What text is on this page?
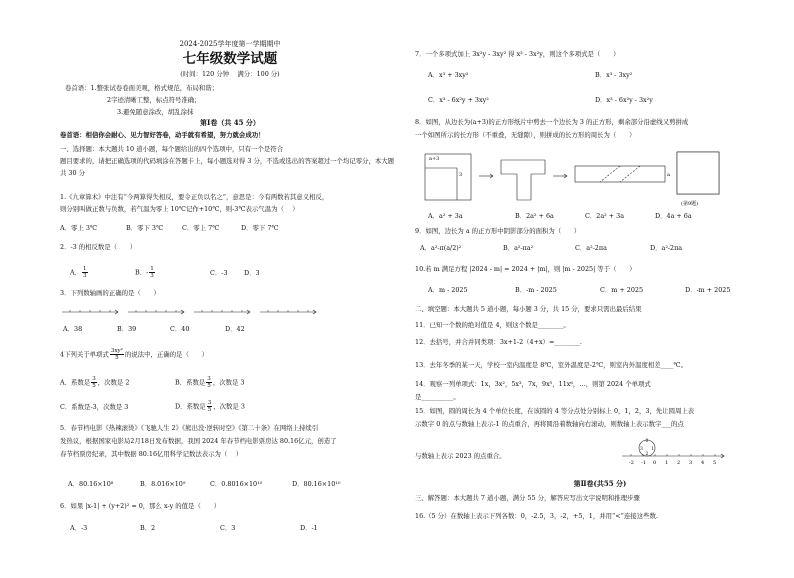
2024-2025学年度第一学期期中
七年级数学试题
(时间：120 分钟　 满分：100 分)
卷首语：1.整张试卷卷面美观，格式规范，布局和谐；
2字迹清晰工整，标点符号准确；
3.避免随意涂改，胡乱涂抹
第Ⅰ卷（共 45 分）
卷首语：相信你会耐心、见力智好答卷，动手就有希望，努力就会成功！
一、选择题：本大题共 10 道小题，每个题给出的四个选项中，只有一个是符合
题目要求的，请把正确选项的代码填涂在答题卡上，每小题选对得 3 分，不选或选出的答案超过一个均记零分，本大题
共 30 分
1.《九章算术》中注有“今两算得失相反，要令正负以名之”，意思是：今有两数若其意义相反，
则分别叫做正数与负数，若气温为零上 10℃记作+10℃，则-3℃表示气温为（　 ）
A．零上 3℃	B．零下 3℃	C．零上 7℃	D．零下 7℃
2．-3 的相反数是（　　）
A． $\frac{1}{3}$	B．- $\frac{1}{3}$	C．-3	D．3
3．下列数轴画的正确的是（　　）
A．38	B．39	C．40	D．42
4下列关于单项式 $\frac{\text{3xy²}}{5}$ 的说法中，正确的是（　　）
A．系数是 $\frac{3}{5}$ ，次数是 2	B．系数是 $\frac{3}{5}$ ，次数是 3
C．系数是-3，次数是 3	D．系数是 $\frac{3}{5}$ ，次数是 3
5．春节档电影《热辣滚烫》《飞驰人生 2》《熊出没·逆转时空》《第二十条》在网络上持续引
发热议，根据国家电影局2月18日发布数据，我国 2024 年春节档电影票房达 80.16亿元，创造了
春节档票房纪录，其中数据 80.16亿用科学记数法表示为（　 ）
A．80.16×10⁸	B．8.016×10⁹	C．0.8016×10¹⁰	D．80.16×10¹⁰
6．如果 |x-1| + (y+2)² = 0，那么 x-y 的值是（　　）
A．-3	B．2	C．3	D．-1
7．一个多项式加上 3x²y - 3xy² 得 x³ - 3x²y，则这个多项式是（　　）
A．x³ + 3xy²	B．x³ - 3xy²
C．x³ - 6x²y + 3xy²	D．x³ - 6x²y - 3x²y
8．如图，从边长为(a+3)的正方形纸片中剪去一个边长为 3 的正方形，剩余部分沿虚线又剪拼成
一个如图所示的长方形（不重叠，无缝隙），则拼成的长方形的周长为（　　）
a+3
3	a
(第9题)
A．a² + 3a	B．2a² + 6a	C．2a² + 3a	D．4a + 6a
9．如图，边长为 a 的正方形中阴影部分的面积为（　　）
A．a²-π(a/2)²	B．a²-πa²	C．a²-2πa	D．a²-2πa
10.若 m 满足方程 |2024 - m| = 2024 + |m|，则 |m - 2025| 等于（　　）
A．m - 2025	B．-m - 2025	C．m + 2025	D．-m + 2025
二、填空题：本大题共 5 道小题，每小题 3 分，共 15 分，要求只需出最后结果
11．已知一个数的绝对值是 4，则这个数是________。
12．去括号，并合并同类项：3x+1-2（4+x）=________.
13．去年冬季的某一天，学校一室内温度是 8℃，室外温度是-2℃，则室内外温度相差____℃。
14．观察一列单项式：1x，3x²，5x³，7x，9x⁵，11x⁶，…，则第 2024 个单项式
是__________。
15．如图，圆的周长为 4 个单位长度，在该圆的 4 等分点处分别标上 0，1，2，3，先让圆周上表
示数字 0 的点与数轴上表示-1 的点重合，再将圆沿着数轴向右滚动，则数轴上表示数字___的点
与数轴上表示 2023 的点重合。
-2 -1 0 1 2 3 4 5
0
1
2
3
第Ⅱ卷(共55 分)
三、解答题：本大题共 7 道小题，满分 55 分，解答应写出文字说明和推理步骤
16.（5 分）在数轴上表示下列各数：0，-2.5，3，-2，+5，1，并用“<”连接这些数.
